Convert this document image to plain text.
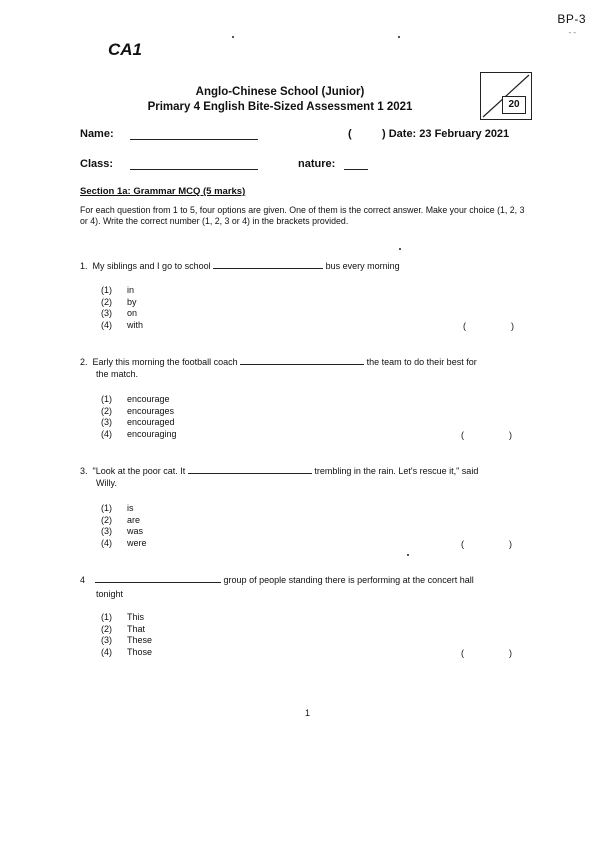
BP-3
- -
CA1
Anglo-Chinese School (Junior)
Primary 4 English Bite-Sized Assessment 1 2021	20
Name:	(	) Date: 23 February 2021
Class:	nature:
Section 1a: Grammar MCQ (5 marks)
For each question from 1 to 5, four options are given. One of them is the correct answer. Make your choice (1, 2, 3 or 4). Write the correct number (1, 2, 3 or 4) in the brackets provided.
1. My siblings and I go to school	bus every morning
(1) in
(2) by
(3) on
(4) with	(	)
2. Early this morning the football coach	the team to do their best for
the match.
(1) encourage
(2) encourages
(3) encouraged
(4) encouraging	(	)
3. "Look at the poor cat. It	trembling in the rain. Let's rescue it," said
Willy.
(1) is
(2) are
(3) was
(4) were	(	)
4	group of people standing there is performing at the concert hall
tonight
(1) This
(2) That
(3) These
(4) Those	(	)
1
